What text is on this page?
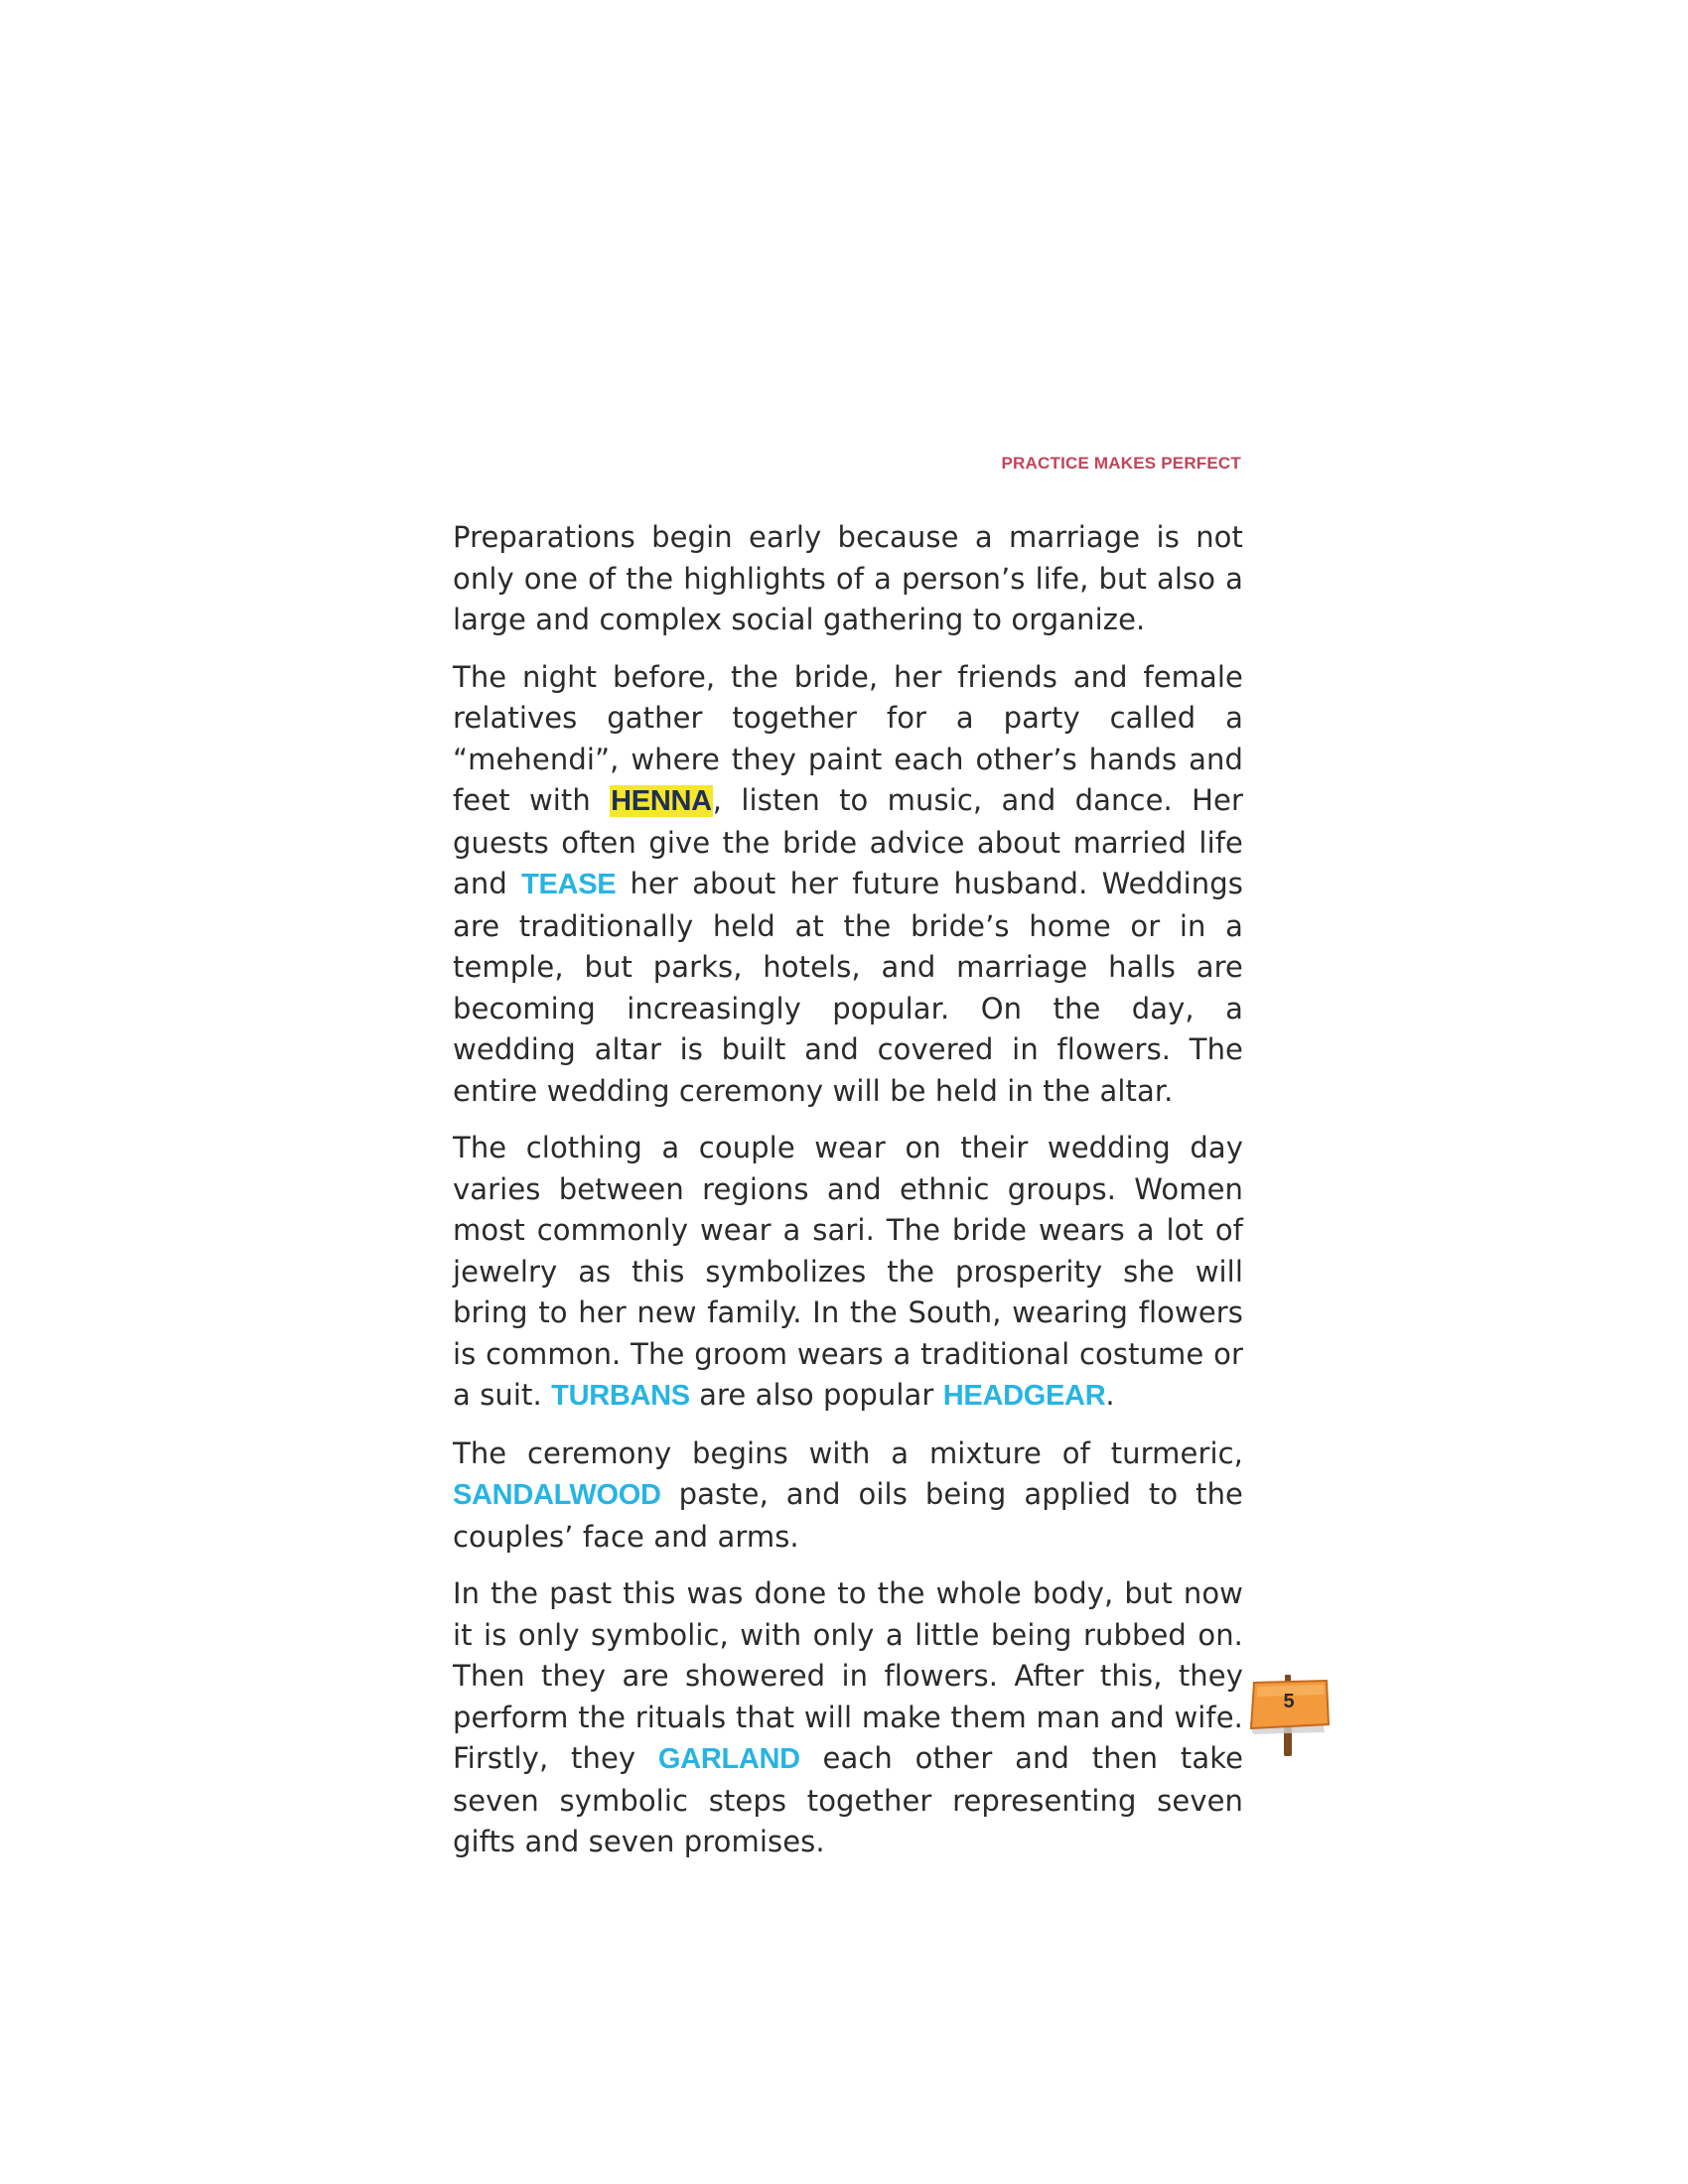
PRACTICE MAKES PERFECT

Preparations begin early because a marriage is not only one of the highlights of a person’s life, but also a large and complex social gathering to organize.

The night before, the bride, her friends and female relatives gather together for a party called a “mehendi”, where they paint each other’s hands and feet with HENNA, listen to music, and dance. Her guests often give the bride advice about married life and TEASE her about her future husband. Weddings are traditionally held at the bride’s home or in a temple, but parks, hotels, and marriage halls are becoming increasingly popular. On the day, a wedding altar is built and covered in flowers. The entire wedding ceremony will be held in the altar.

The clothing a couple wear on their wedding day varies between regions and ethnic groups. Women most commonly wear a sari. The bride wears a lot of jewelry as this symbolizes the prosperity she will bring to her new family. In the South, wearing flowers is common. The groom wears a traditional costume or a suit. TURBANS are also popular HEADGEAR.

The ceremony begins with a mixture of turmeric, SANDALWOOD paste, and oils being applied to the couples’ face and arms.

In the past this was done to the whole body, but now it is only symbolic, with only a little being rubbed on. Then they are showered in flowers. After this, they perform the rituals that will make them man and wife. Firstly, they GARLAND each other and then take seven symbolic steps together representing seven gifts and seven promises.

5
